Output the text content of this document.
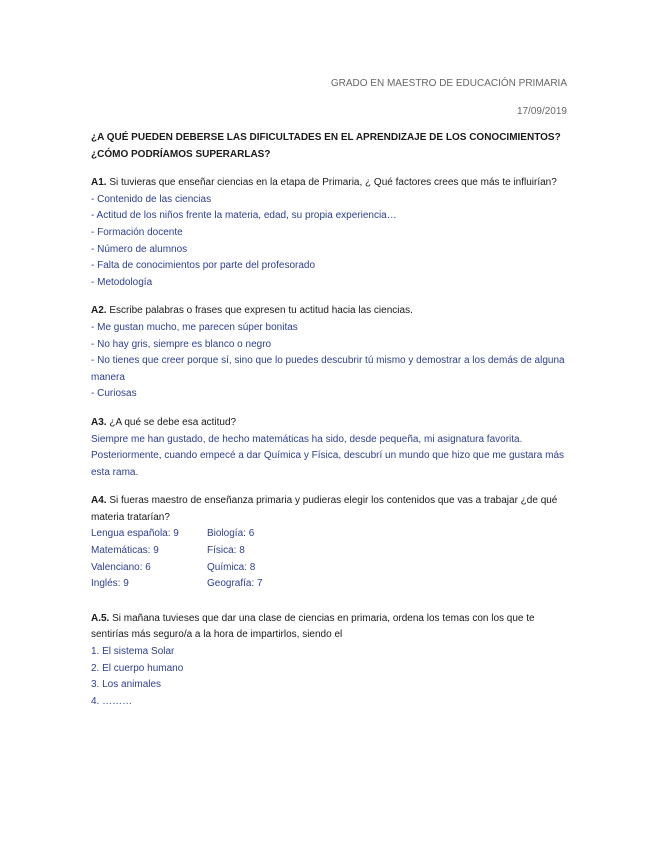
GRADO EN MAESTRO DE EDUCACIÓN PRIMARIA
17/09/2019

¿A QUÉ PUEDEN DEBERSE LAS DIFICULTADES EN EL APRENDIZAJE DE LOS CONOCIMIENTOS?

¿CÓMO PODRÍAMOS SUPERARLAS?

A1. Si tuvieras que enseñar ciencias en la etapa de Primaria, ¿ Qué factores crees que más te influirían?

- Contenido de las ciencias

- Actitud de los niños frente la materia, edad, su propia experiencia…

- Formación docente

- Número de alumnos

- Falta de conocimientos por parte del profesorado

- Metodología

A2. Escribe palabras o frases que expresen tu actitud hacia las ciencias.

- Me gustan mucho, me parecen súper bonitas

- No hay gris, siempre es blanco o negro

- No tienes que creer porque sí, sino que lo puedes descubrir tú mismo y demostrar a los demás de alguna manera

- Curiosas

A3. ¿A qué se debe esa actitud?

Siempre me han gustado, de hecho matemáticas ha sido, desde pequeña, mi asignatura favorita. Posteriormente, cuando empecé a dar Química y Física, descubrí un mundo que hizo que me gustara más esta rama.

A4. Si fueras maestro de enseñanza primaria y pudieras elegir los contenidos que vas a trabajar ¿de qué materia tratarían?

Lengua española: 9	Biología: 6
Matemáticas: 9	Física: 8
Valenciano: 6	Química: 8
Inglés: 9	Geografía: 7

A.5. Si mañana tuvieses que dar una clase de ciencias en primaria, ordena los temas con los que te sentirías más seguro/a a la hora de impartirlos, siendo el

1. El sistema Solar

2. El cuerpo humano

3. Los animales

4. ………
